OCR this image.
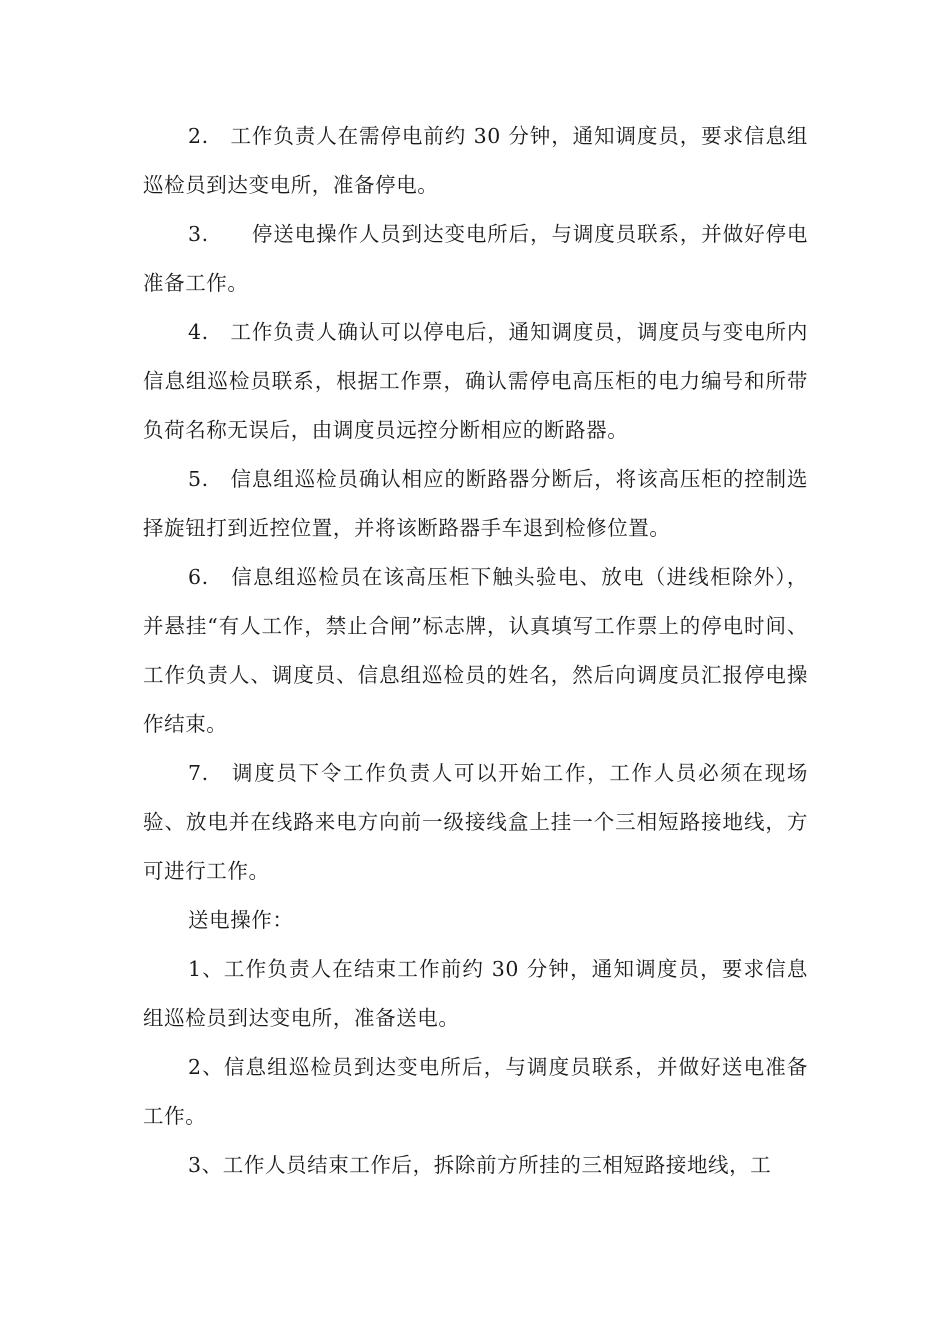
2.　工作负责人在需停电前约 30 分钟，通知调度员，要求信息组巡检员到达变电所，准备停电。

3.　　停送电操作人员到达变电所后，与调度员联系，并做好停电准备工作。

4.　工作负责人确认可以停电后，通知调度员，调度员与变电所内信息组巡检员联系，根据工作票，确认需停电高压柜的电力编号和所带负荷名称无误后，由调度员远控分断相应的断路器。

5.　信息组巡检员确认相应的断路器分断后，将该高压柜的控制选择旋钮打到近控位置，并将该断路器手车退到检修位置。

6.　信息组巡检员在该高压柜下触头验电、放电（进线柜除外），并悬挂“有人工作，禁止合闸”标志牌，认真填写工作票上的停电时间、工作负责人、调度员、信息组巡检员的姓名，然后向调度员汇报停电操作结束。

7.　调度员下令工作负责人可以开始工作，工作人员必须在现场验、放电并在线路来电方向前一级接线盒上挂一个三相短路接地线，方可进行工作。

送电操作：

1、工作负责人在结束工作前约 30 分钟，通知调度员，要求信息组巡检员到达变电所，准备送电。

2、信息组巡检员到达变电所后，与调度员联系，并做好送电准备工作。

3、工作人员结束工作后，拆除前方所挂的三相短路接地线，工
